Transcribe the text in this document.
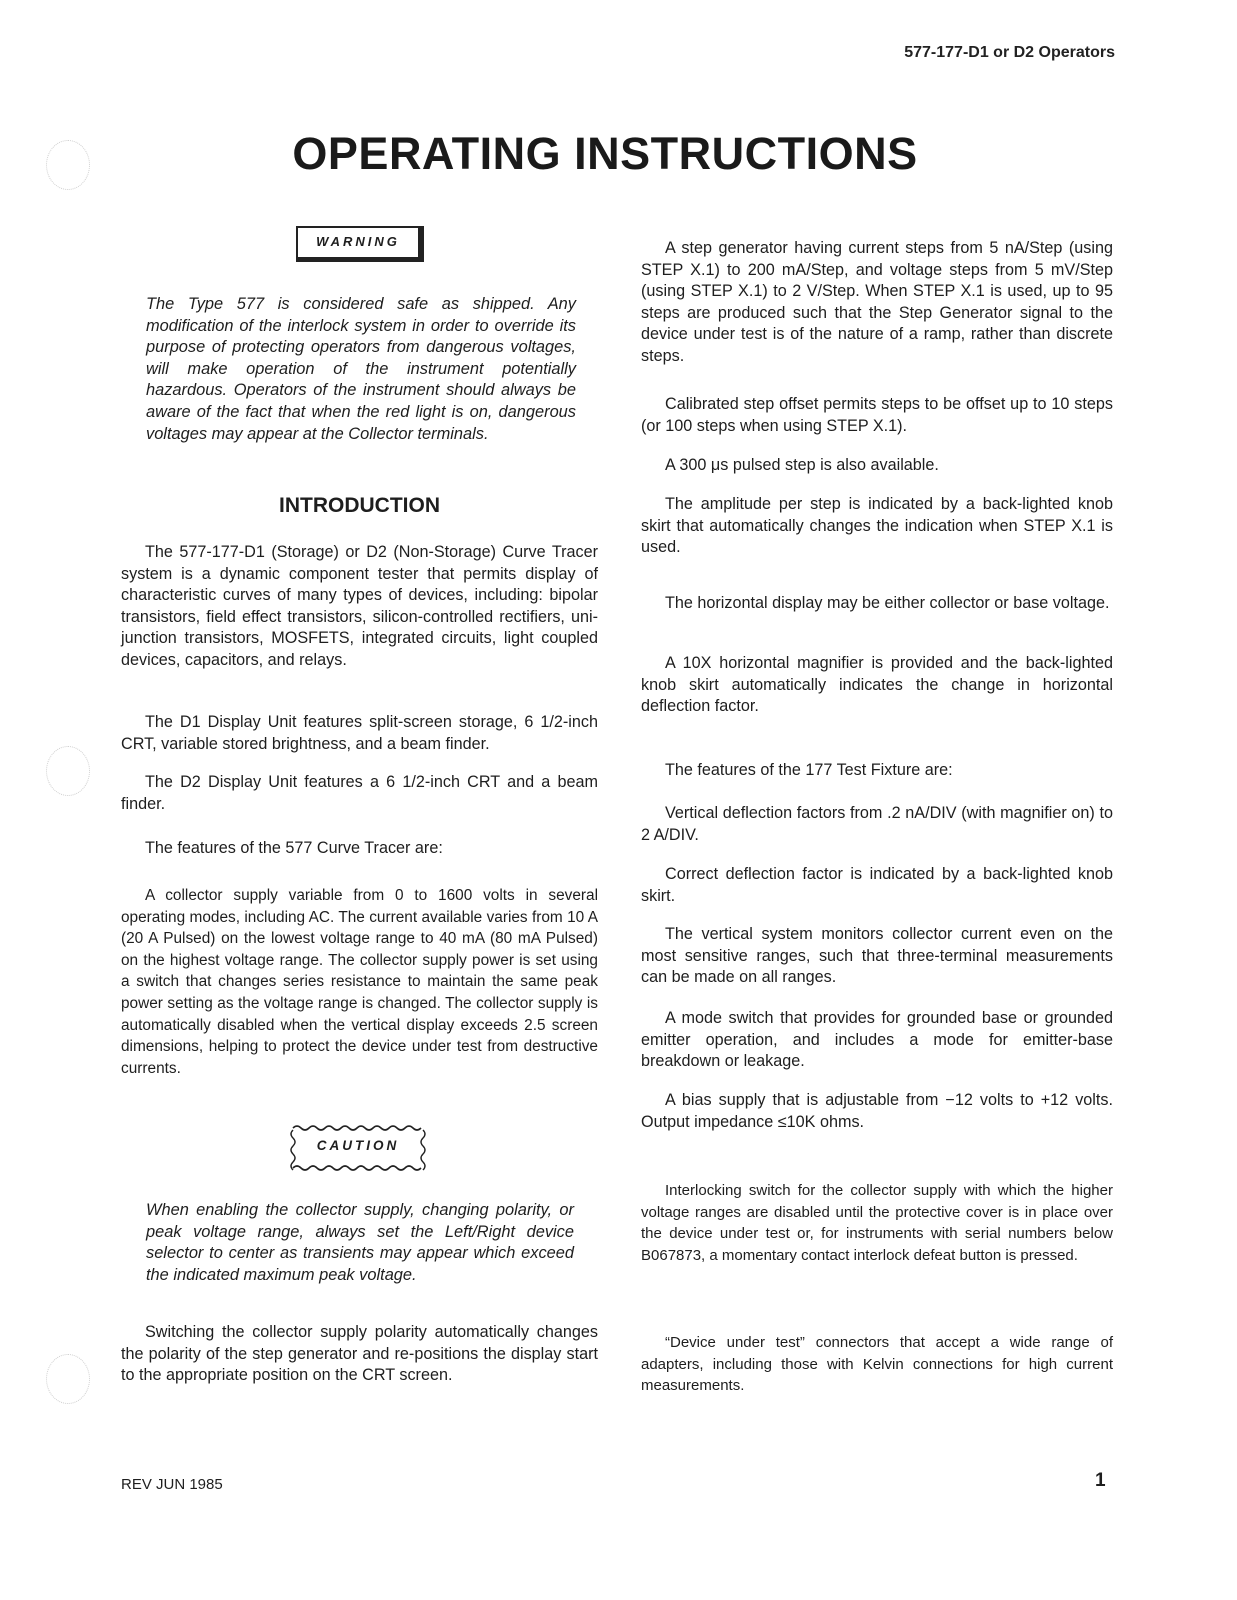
577-177-D1 or D2 Operators
OPERATING INSTRUCTIONS
WARNING
The Type 577 is considered safe as shipped. Any modification of the interlock system in order to override its purpose of protecting operators from dangerous voltages, will make operation of the instrument potentially hazardous. Operators of the instrument should always be aware of the fact that when the red light is on, dangerous voltages may appear at the Collector terminals.
INTRODUCTION

The 577-177-D1 (Storage) or D2 (Non-Storage) Curve Tracer system is a dynamic component tester that permits display of characteristic curves of many types of devices, including: bipolar transistors, field effect transistors, silicon-controlled rectifiers, uni-junction transistors, MOSFETS, integrated circuits, light coupled devices, capacitors, and relays.

The D1 Display Unit features split-screen storage, 6 1/2-inch CRT, variable stored brightness, and a beam finder.

The D2 Display Unit features a 6 1/2-inch CRT and a beam finder.

The features of the 577 Curve Tracer are:

A collector supply variable from 0 to 1600 volts in several operating modes, including AC. The current available varies from 10 A (20 A Pulsed) on the lowest voltage range to 40 mA (80 mA Pulsed) on the highest voltage range. The collector supply power is set using a switch that changes series resistance to maintain the same peak power setting as the voltage range is changed. The collector supply is automatically disabled when the vertical display exceeds 2.5 screen dimensions, helping to protect the device under test from destructive currents.

Switching the collector supply polarity automatically changes the polarity of the step generator and re-positions the display start to the appropriate position on the CRT screen.

CAUTION
When enabling the collector supply, changing polarity, or peak voltage range, always set the Left/Right device selector to center as transients may appear which exceed the indicated maximum peak voltage.

A step generator having current steps from 5 nA/Step (using STEP X.1) to 200 mA/Step, and voltage steps from 5 mV/Step (using STEP X.1) to 2 V/Step. When STEP X.1 is used, up to 95 steps are produced such that the Step Generator signal to the device under test is of the nature of a ramp, rather than discrete steps.

Calibrated step offset permits steps to be offset up to 10 steps (or 100 steps when using STEP X.1).

A 300 μs pulsed step is also available.

The amplitude per step is indicated by a back-lighted knob skirt that automatically changes the indication when STEP X.1 is used.

The horizontal display may be either collector or base voltage.

A 10X horizontal magnifier is provided and the back-lighted knob skirt automatically indicates the change in horizontal deflection factor.

The features of the 177 Test Fixture are:

Vertical deflection factors from .2 nA/DIV (with magnifier on) to 2 A/DIV.

Correct deflection factor is indicated by a back-lighted knob skirt.

The vertical system monitors collector current even on the most sensitive ranges, such that three-terminal measurements can be made on all ranges.

A mode switch that provides for grounded base or grounded emitter operation, and includes a mode for emitter-base breakdown or leakage.

A bias supply that is adjustable from −12 volts to +12 volts. Output impedance ≤10K ohms.

Interlocking switch for the collector supply with which the higher voltage ranges are disabled until the protective cover is in place over the device under test or, for instruments with serial numbers below B067873, a momentary contact interlock defeat button is pressed.

“Device under test” connectors that accept a wide range of adapters, including those with Kelvin connections for high current measurements.

REV JUN 1985	1
